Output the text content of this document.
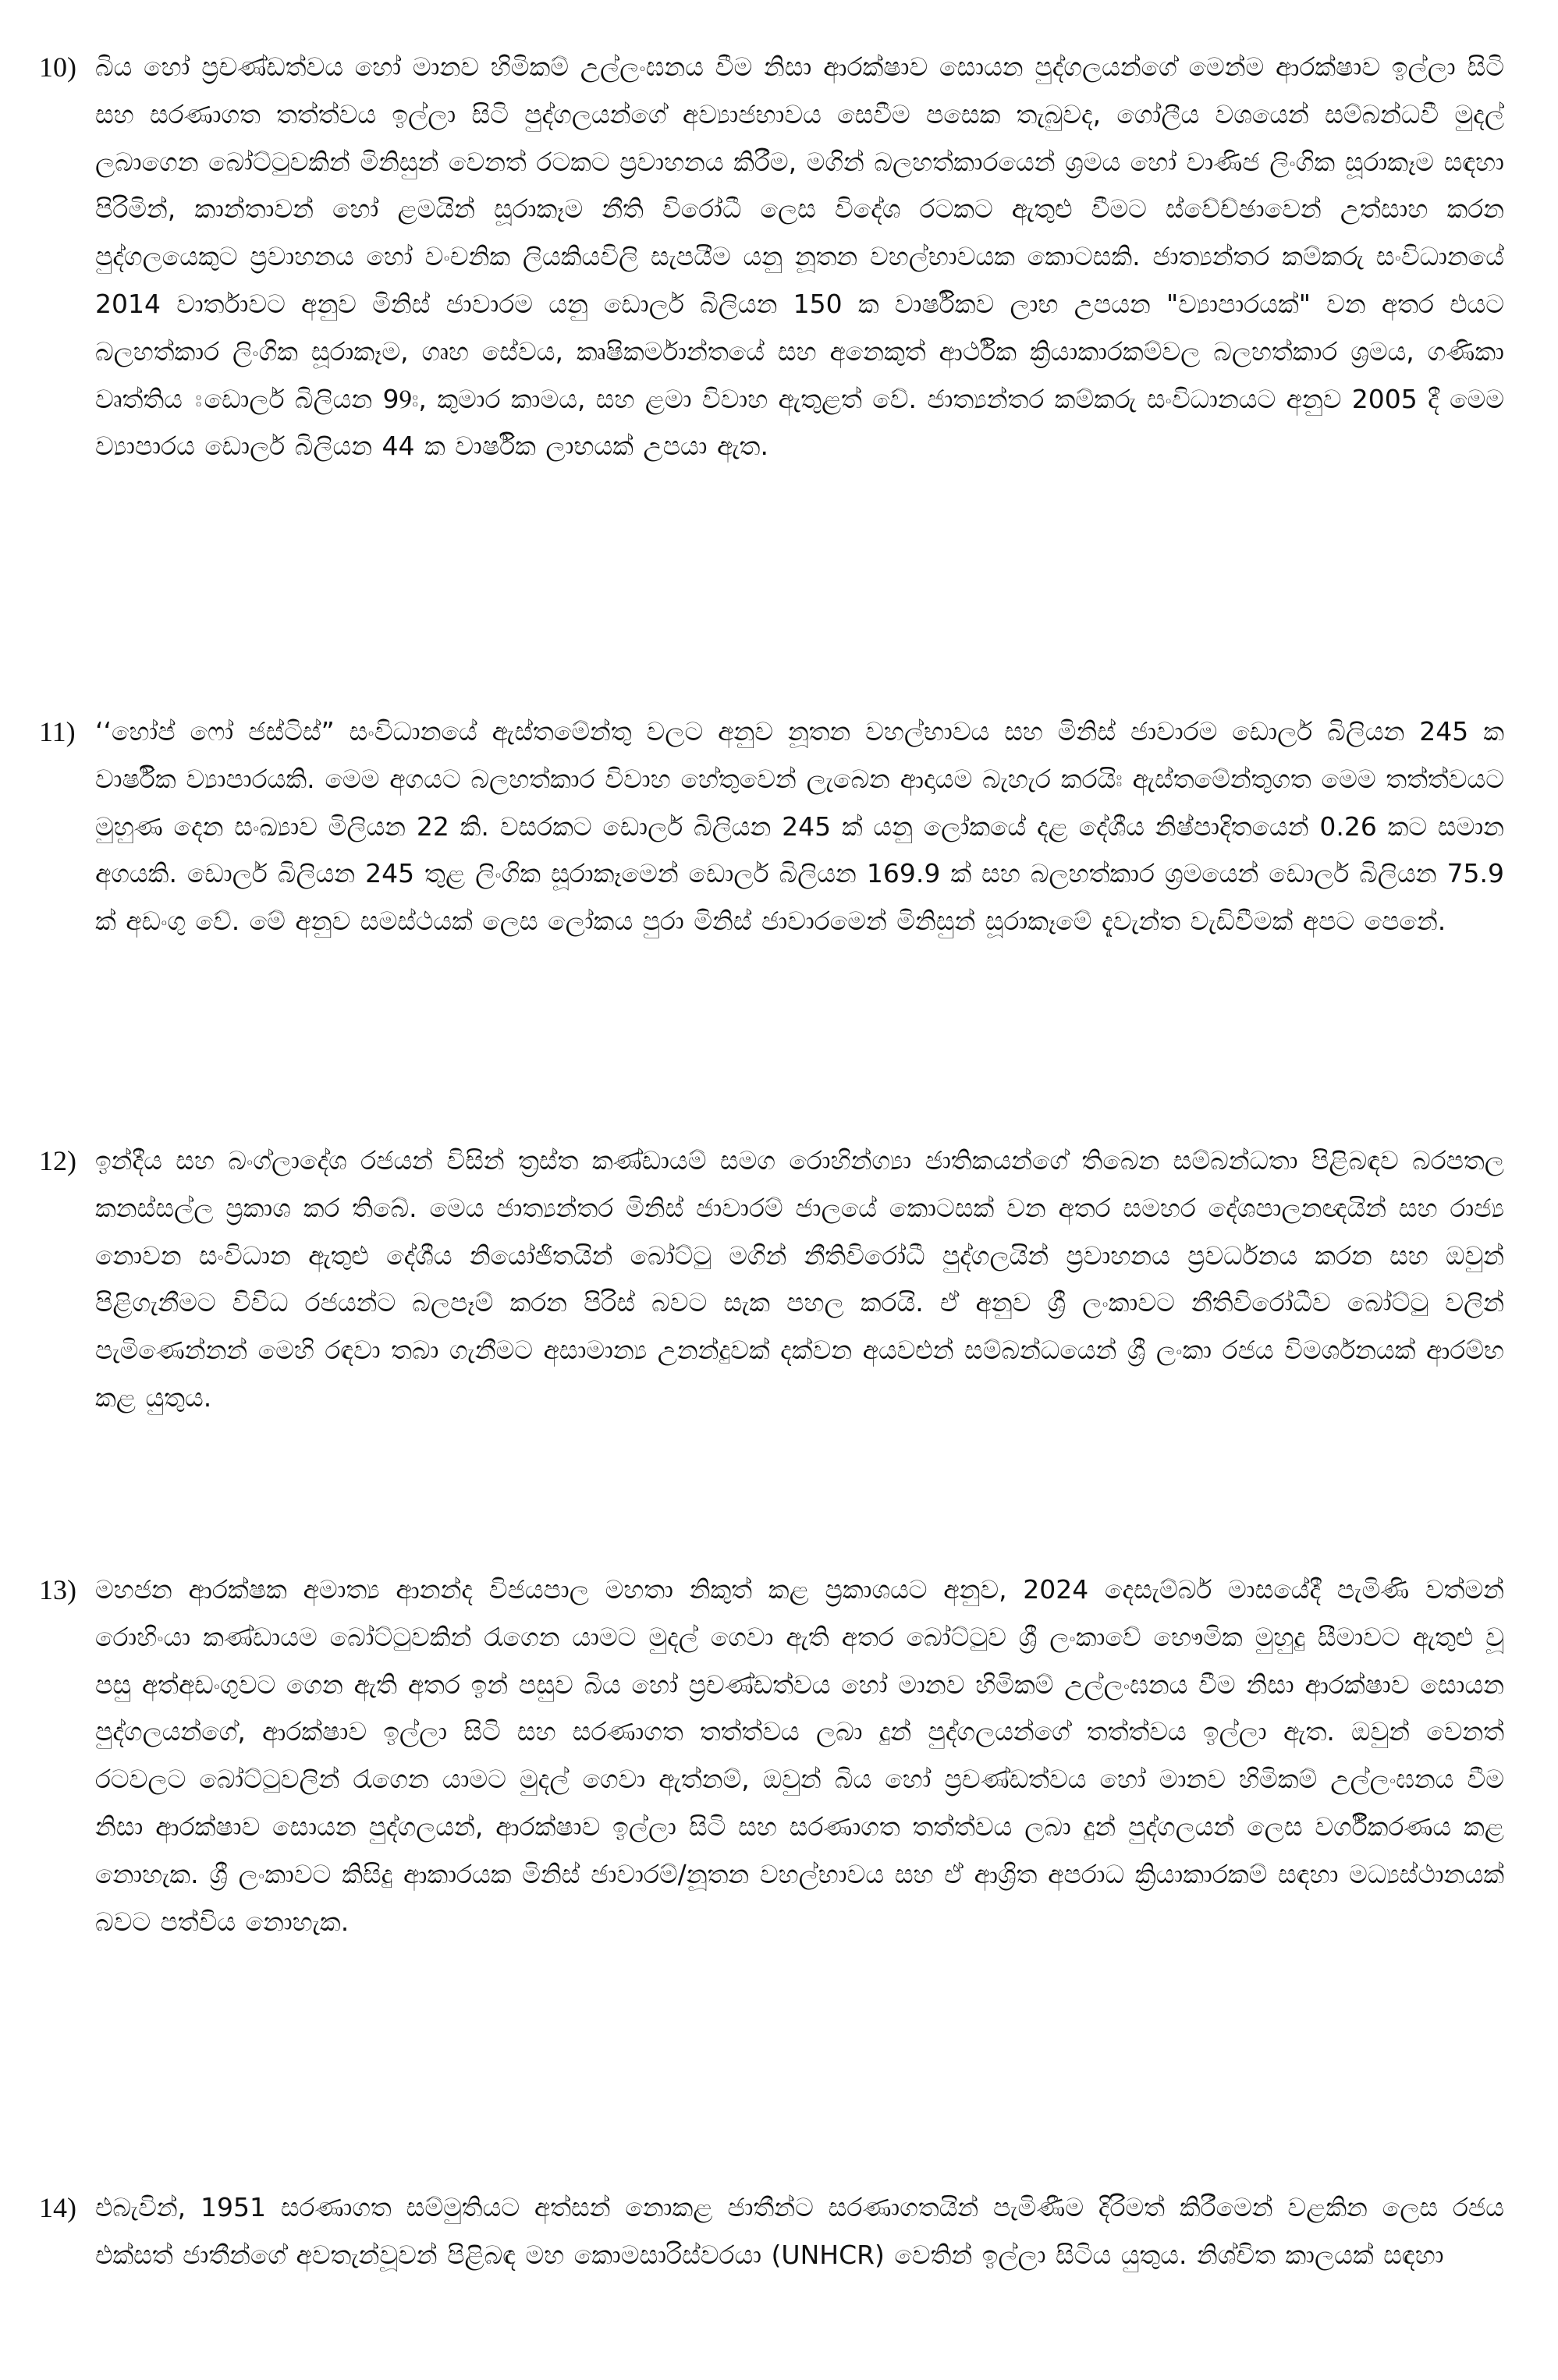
10) බිය හෝ ප්‍රචණ්ඩත්වය හෝ මානව හිමිකම් උල්ලංඝනය වීම නිසා ආරක්ෂාව සොයන පුද්ගලයන්ගේ මෙන්ම ආරක්ෂාව ඉල්ලා සිටි සහ සරණාගත තත්ත්වය ඉල්ලා සිටි පුද්ගලයන්ගේ අව්‍යාජභාවය සෙවීම පසෙක තැබුවද, ගෝලීය වශයෙන් සම්බන්ධවී මුදල් ලබාගෙන බෝට්ටුවකින් මිනිසුන් වෙනත් රටකට ප්‍රවාහනය කිරීම, මගින් බලහත්කාරයෙන් ශ්‍රමය හෝ වාණිජ ලිංගික සූරාකෑම සඳහා පිරිමින්, කාන්තාවන් හෝ ළමයින් සූරාකෑම නීති විරෝධී ලෙස විදේශ රටකට ඇතුළු වීමට ස්වේච්ඡාවෙන් උත්සාහ කරන පුද්ගලයෙකුට ප්‍රවාහනය හෝ වංචනික ලියකියවිලි සැපයීම යනු නූතන වහල්භාවයක කොටසකි. ජාත්‍යන්තර කම්කරු සංවිධානයේ 2014 වාර්තාවට අනුව මිනිස් ජාවාරම යනු ඩොලර් බිලියන 150 ක වාර්ෂිකව ලාභ උපයන "ව්‍යාපාරයක්" වන අතර එයට බලහත්කාර ලිංගික සූරාකෑම, ගෘහ සේවය, කෘෂිකර්මාන්තයේ සහ අනෙකුත් ආර්ථික ක්‍රියාකාරකම්වල බලහත්කාර ශ්‍රමය, ගණිකා වෘත්තිය ඃඩොලර් බිලියන 99ඃ, කුමාර කාමය, සහ ළමා විවාහ ඇතුළත් වේ. ජාත්‍යන්තර කම්කරු සංවිධානයට අනුව 2005 දී මෙම ව්‍යාපාරය ඩොලර් බිලියන 44 ක වාර්ෂික ලාභයක් උපයා ඇත.
11) ‘‘හෝප් ෆෝ ජස්ටිස්” සංවිධානයේ ඇස්තමේන්තු වලට අනුව නූතන වහල්භාවය සහ මිනිස් ජාවාරම ඩොලර් බිලියන 245 ක වාර්ෂික ව්‍යාපාරයකි. මෙම අගයට බලහත්කාර විවාහ හේතුවෙන් ලැබෙන ආදායම බැහැර කරයිඃ ඇස්තමේන්තුගත මෙම තත්ත්වයට මුහුණ දෙන සංඛ්‍යාව මිලියන 22 කි. වසරකට ඩොලර් බිලියන 245 ක් යනු ලෝකයේ දළ දේශීය නිෂ්පාදිතයෙන් 0.26 කට සමාන අගයකි. ඩොලර් බිලියන 245 තුළ ලිංගික සූරාකෑමෙන් ඩොලර් බිලියන 169.9 ක් සහ බලහත්කාර ශ්‍රමයෙන් ඩොලර් බිලියන 75.9 ක් අඩංගු වේ. මේ අනුව සමස්ථයක් ලෙස ලෝකය පුරා මිනිස් ජාවාරමෙන් මිනිසුන් සූරාකෑමේ දැවැන්ත වැඩිවීමක් අපට පෙනේ.
12) ඉන්දීය සහ බංග්ලාදේශ රජයන් විසින් ත්‍රස්ත කණ්ඩායම් සමග රොහින්ග්‍යා ජාතිකයන්ගේ තිබෙන සම්බන්ධතා පිළිබඳව බරපතල කනස්සල්ල ප්‍රකාශ කර තිබේ. මෙය ජාත්‍යන්තර මිනිස් ජාවාරම් ජාලයේ කොටසක් වන අතර සමහර දේශපාලනඥයින් සහ රාජ්‍ය නොවන සංවිධාන ඇතුළු දේශීය නියෝජිතයින් බෝට්ටු මගින් නීතිවිරෝධී පුද්ගලයින් ප්‍රවාහනය ප්‍රවර්ධනය කරන සහ ඔවුන් පිළිගැනීමට විවිධ රජයන්ට බලපෑම් කරන පිරිස් බවට සැක පහල කරයි. ඒ අනුව ශ්‍රී ලංකාවට නීතිවිරෝධීව බෝට්ටු වලින් පැමිණෙන්නන් මෙහි රඳවා තබා ගැනීමට අසාමාන්‍ය උනන්දුවක් දක්වන අයවළුන් සම්බන්ධයෙන් ශ්‍රී ලංකා රජය විමර්ශනයක් ආරම්භ කළ යුතුය.
13) මහජන ආරක්ෂක අමාත්‍ය ආනන්ද විජයපාල මහතා නිකුත් කළ ප්‍රකාශයට අනුව, 2024 දෙසැම්බර් මාසයේදී පැමිණි වත්මන් රොහිංයා කණ්ඩායම බෝට්ටුවකින් රැගෙන යාමට මුදල් ගෙවා ඇති අතර බෝට්ටුව ශ්‍රී ලංකාවේ භෞමික මුහුදු සීමාවට ඇතුළු වූ පසු අත්අඩංගුවට ගෙන ඇති අතර ඉන් පසුව බිය හෝ ප්‍රචණ්ඩත්වය හෝ මානව හිමිකම් උල්ලංඝනය වීම නිසා ආරක්ෂාව සොයන පුද්ගලයන්ගේ, ආරක්ෂාව ඉල්ලා සිටි සහ සරණාගත තත්ත්වය ලබා දුන් පුද්ගලයන්ගේ තත්ත්වය ඉල්ලා ඇත. ඔවුන් වෙනත් රටවලට බෝට්ටුවලින් රැගෙන යාමට මුදල් ගෙවා ඇත්නම්, ඔවුන් බිය හෝ ප්‍රචණ්ඩත්වය හෝ මානව හිමිකම් උල්ලංඝනය වීම නිසා ආරක්ෂාව සොයන පුද්ගලයන්, ආරක්ෂාව ඉල්ලා සිටි සහ සරණාගත තත්ත්වය ලබා දුන් පුද්ගලයන් ලෙස වර්ගීකරණය කළ නොහැක. ශ්‍රී ලංකාවට කිසිදු ආකාරයක මිනිස් ජාවාරම්/නූතන වහල්භාවය සහ ඒ ආශ්‍රිත අපරාධ ක්‍රියාකාරකම් සඳහා මධ්‍යස්ථානයක් බවට පත්විය නොහැක.
14) එබැවින්, 1951 සරණාගත සම්මුතියට අත්සන් නොකළ ජාතීන්ට සරණාගතයින් පැමිණීම දිරිමත් කිරීමෙන් වළකින ලෙස රජය එක්සත් ජාතීන්ගේ අවතැන්වූවන් පිළිබඳ මහ කොමසාරිස්වරයා (UNHCR) වෙතින් ඉල්ලා සිටිය යුතුය. නිශ්චිත කාලයක් සඳහා
